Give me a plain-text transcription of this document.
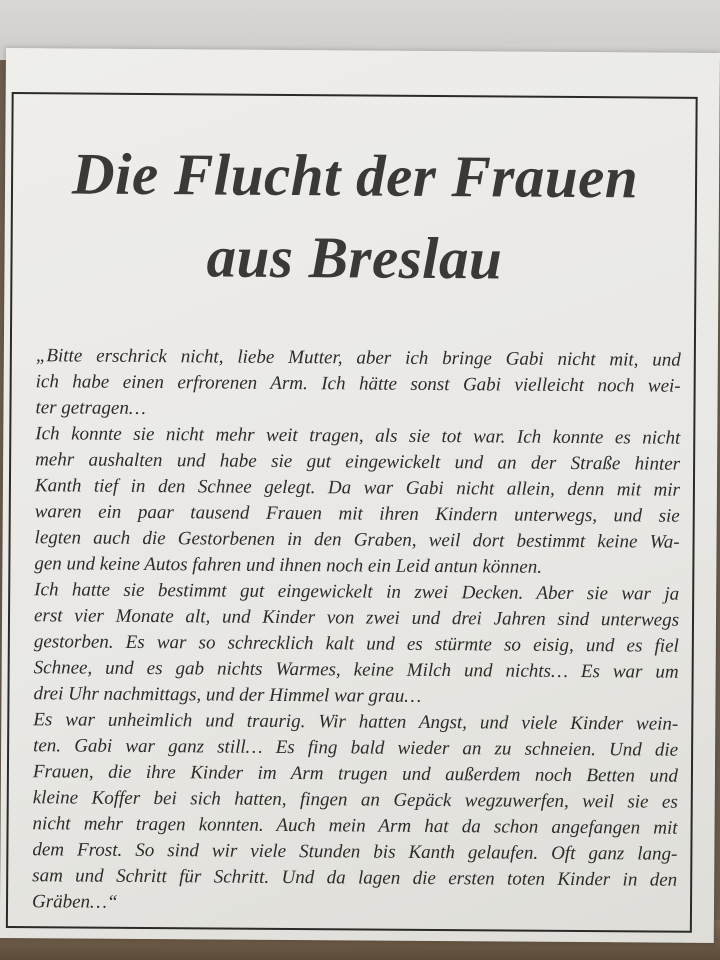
Die Flucht der Frauen
aus Breslau
„Bitte erschrick nicht, liebe Mutter, aber ich bringe Gabi nicht mit, und
ich habe einen erfrorenen Arm. Ich hätte sonst Gabi vielleicht noch wei-
ter getragen…
Ich konnte sie nicht mehr weit tragen, als sie tot war. Ich konnte es nicht
mehr aushalten und habe sie gut eingewickelt und an der Straße hinter
Kanth tief in den Schnee gelegt. Da war Gabi nicht allein, denn mit mir
waren ein paar tausend Frauen mit ihren Kindern unterwegs, und sie
legten auch die Gestorbenen in den Graben, weil dort bestimmt keine Wa-
gen und keine Autos fahren und ihnen noch ein Leid antun können.
Ich hatte sie bestimmt gut eingewickelt in zwei Decken. Aber sie war ja
erst vier Monate alt, und Kinder von zwei und drei Jahren sind unterwegs
gestorben. Es war so schrecklich kalt und es stürmte so eisig, und es fiel
Schnee, und es gab nichts Warmes, keine Milch und nichts… Es war um
drei Uhr nachmittags, und der Himmel war grau…
Es war unheimlich und traurig. Wir hatten Angst, und viele Kinder wein-
ten. Gabi war ganz still… Es fing bald wieder an zu schneien. Und die
Frauen, die ihre Kinder im Arm trugen und außerdem noch Betten und
kleine Koffer bei sich hatten, fingen an Gepäck wegzuwerfen, weil sie es
nicht mehr tragen konnten. Auch mein Arm hat da schon angefangen mit
dem Frost. So sind wir viele Stunden bis Kanth gelaufen. Oft ganz lang-
sam und Schritt für Schritt. Und da lagen die ersten toten Kinder in den
Gräben…“
